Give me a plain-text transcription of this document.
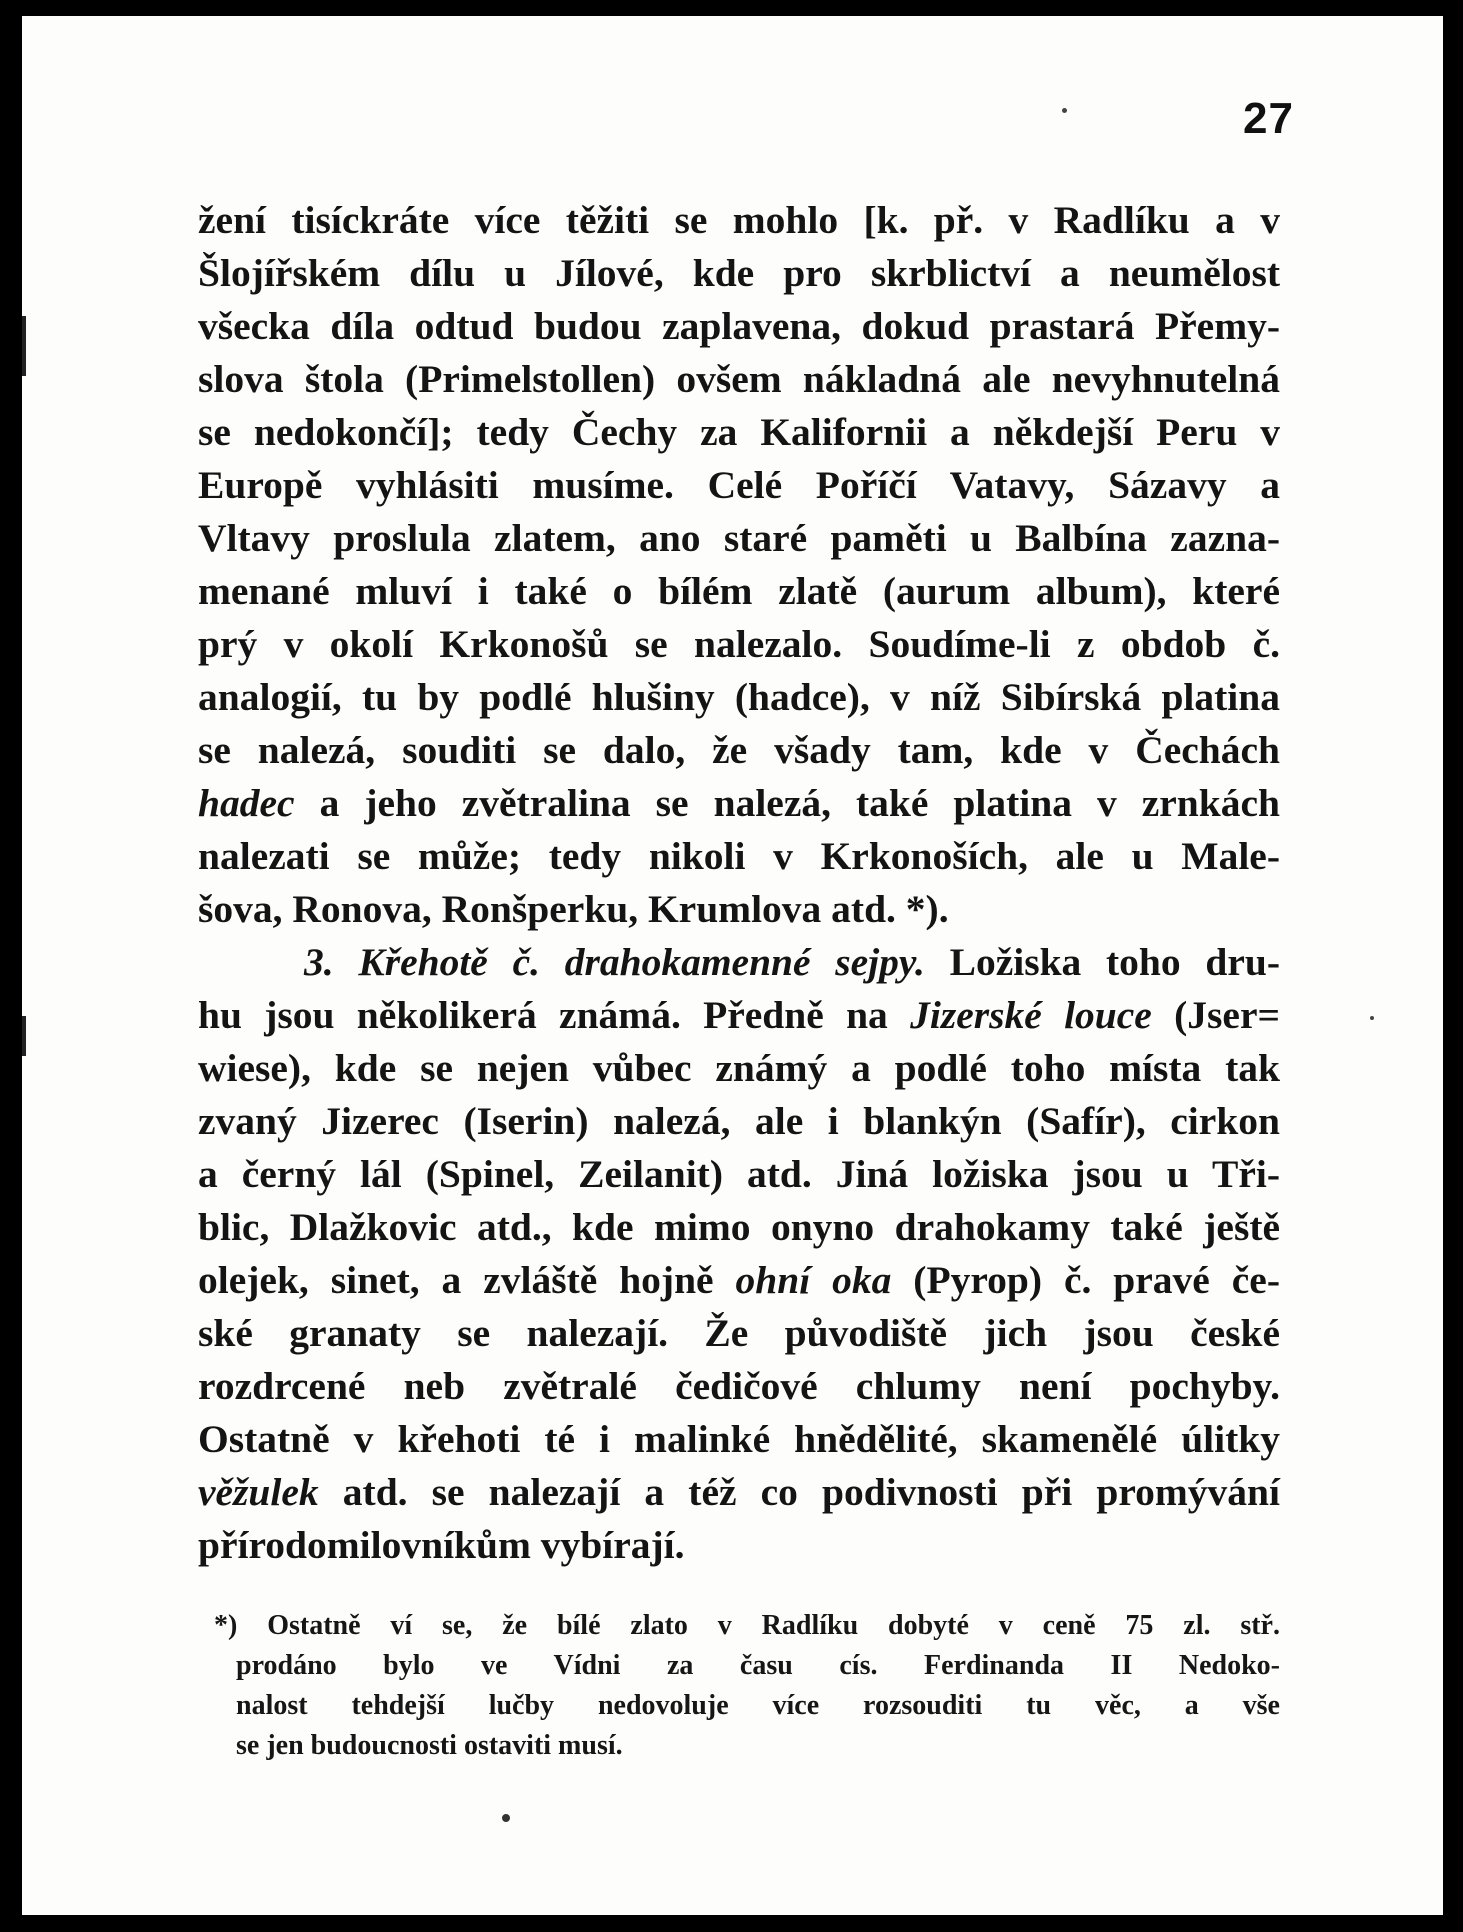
27
žení tisíckráte více těžiti se mohlo [k. př. v Radlíku a v
Šlojířském dílu u Jílové, kde pro skrblictví a neumělost
všecka díla odtud budou zaplavena, dokud prastará Přemy-
slova štola (Primelstollen) ovšem nákladná ale nevyhnutelná
se nedokončí]; tedy Čechy za Kalifornii a někdejší Peru v
Europě vyhlásiti musíme. Celé Poříčí Vatavy, Sázavy a
Vltavy proslula zlatem, ano staré paměti u Balbína zazna-
menané mluví i také o bílém zlatě (aurum album), které
prý v okolí Krkonošů se nalezalo. Soudíme-li z obdob č.
analogií, tu by podlé hlušiny (hadce), v níž Sibírská platina
se nalezá, souditi se dalo, že všady tam, kde v Čechách
hadec a jeho zvětralina se nalezá, také platina v zrnkách
nalezati se může; tedy nikoli v Krkonoších, ale u Male-
šova, Ronova, Ronšperku, Krumlova atd. *).
3. Křehotě č. drahokamenné sejpy. Ložiska toho dru-
hu jsou několikerá známá. Předně na Jizerské louce (Jser=
wiese), kde se nejen vůbec známý a podlé toho místa tak
zvaný Jizerec (Iserin) nalezá, ale i blankýn (Safír), cirkon
a černý lál (Spinel, Zeilanit) atd. Jiná ložiska jsou u Tři-
blic, Dlažkovic atd., kde mimo onyno drahokamy také ještě
olejek, sinet, a zvláště hojně ohní oka (Pyrop) č. pravé če-
ské granaty se nalezají. Že původiště jich jsou české
rozdrcené neb zvětralé čedičové chlumy není pochyby.
Ostatně v křehoti té i malinké hnědělité, skamenělé úlitky
věžulek atd. se nalezají a též co podivnosti při promývání
přírodomilovníkům vybírají.
*) Ostatně ví se, že bílé zlato v Radlíku dobyté v ceně 75 zl. stř.
prodáno bylo ve Vídni za času cís. Ferdinanda II Nedoko-
nalost tehdejší lučby nedovoluje více rozsouditi tu věc, a vše
se jen budoucnosti ostaviti musí.
